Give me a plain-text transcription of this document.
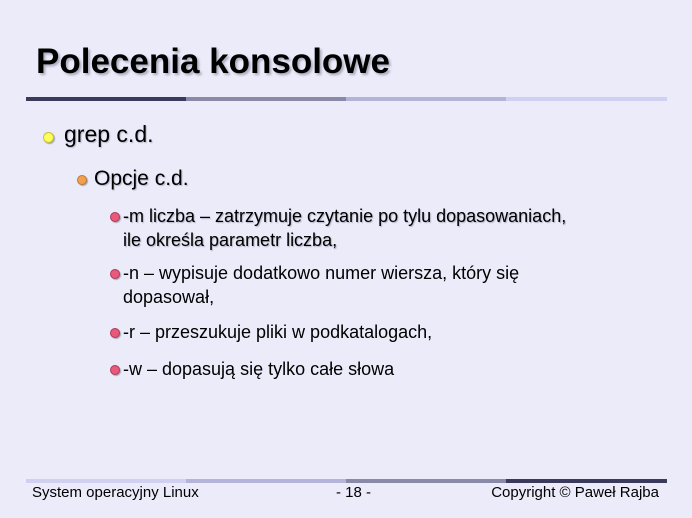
Polecenia konsolowe
grep c.d.
Opcje c.d.
-m liczba – zatrzymuje czytanie po tylu dopasowaniach,
ile określa parametr liczba,
-n – wypisuje dodatkowo numer wiersza, który się
dopasował,
-r – przeszukuje pliki w podkatalogach,
-w – dopasują się tylko całe słowa
System operacyjny Linux	- 18 -	Copyright © Paweł Rajba
